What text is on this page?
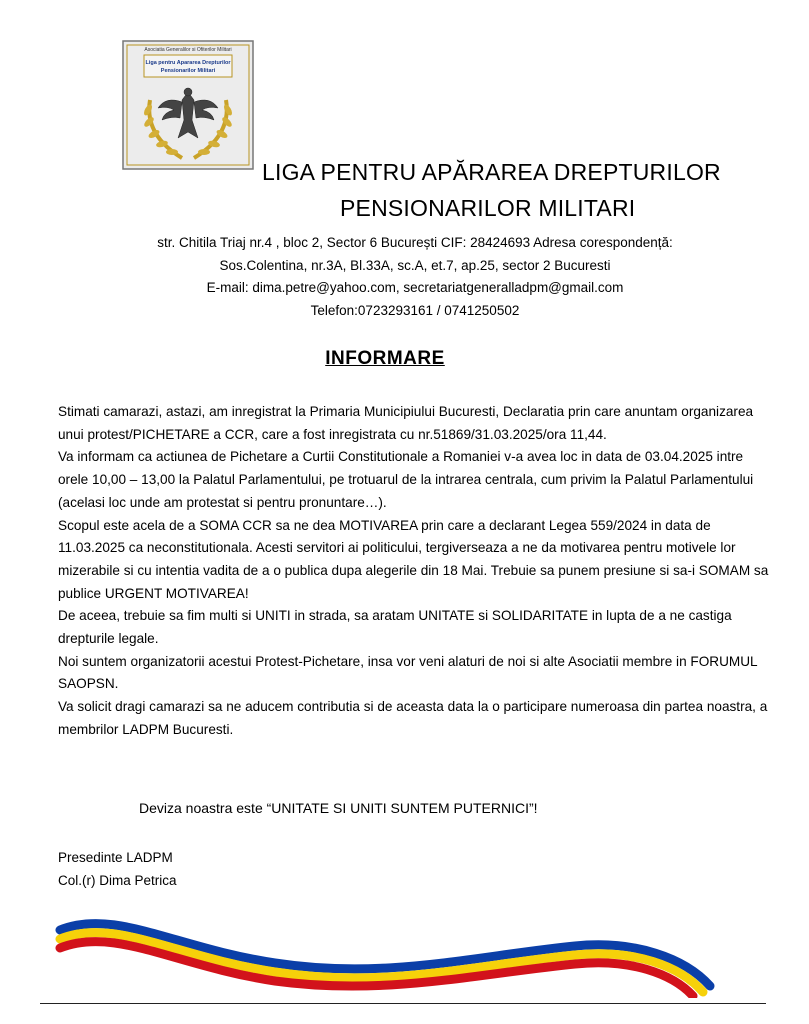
Asociatia Generalilor si Ofiterilor Militari
Liga pentru Apararea Drepturilor
Pensionarilor Militari
LIGA PENTRU APĂRAREA DREPTURILOR
PENSIONARILOR MILITARI
str. Chitila Triaj nr.4 , bloc 2, Sector 6 București CIF: 28424693 Adresa corespondență:
Sos.Colentina, nr.3A, Bl.33A, sc.A, et.7, ap.25, sector 2 Bucuresti
E-mail: dima.petre@yahoo.com, secretariatgeneralladpm@gmail.com
Telefon:0723293161 / 0741250502
INFORMARE

Stimati camarazi, astazi, am inregistrat la Primaria Municipiului Bucuresti, Declaratia prin care anuntam organizarea unui protest/PICHETARE a CCR, care a fost inregistrata cu nr.51869/31.03.2025/ora 11,44.

Va informam ca actiunea de Pichetare a Curtii Constitutionale a Romaniei v-a avea loc in data de 03.04.2025 intre orele 10,00 – 13,00 la Palatul Parlamentului, pe trotuarul de la intrarea centrala, cum privim la Palatul Parlamentului (acelasi loc unde am protestat si pentru pronuntare…).

Scopul este acela de a SOMA CCR sa ne dea MOTIVAREA prin care a declarant Legea 559/2024 in data de 11.03.2025 ca neconstitutionala. Acesti servitori ai politicului, tergiverseaza a ne da motivarea pentru motivele lor mizerabile si cu intentia vadita de a o publica dupa alegerile din 18 Mai. Trebuie sa punem presiune si sa-i SOMAM sa publice URGENT MOTIVAREA!

De aceea, trebuie sa fim multi si UNITI in strada, sa aratam UNITATE si SOLIDARITATE in lupta de a ne castiga drepturile legale.

Noi suntem organizatorii acestui Protest-Pichetare, insa vor veni alaturi de noi si alte Asociatii membre in FORUMUL SAOPSN.

Va solicit dragi camarazi sa ne aducem contributia si de aceasta data la o participare numeroasa din partea noastra, a membrilor LADPM Bucuresti.

Deviza noastra este “UNITATE SI UNITI SUNTEM PUTERNICI”!
Presedinte LADPM
Col.(r) Dima Petrica
